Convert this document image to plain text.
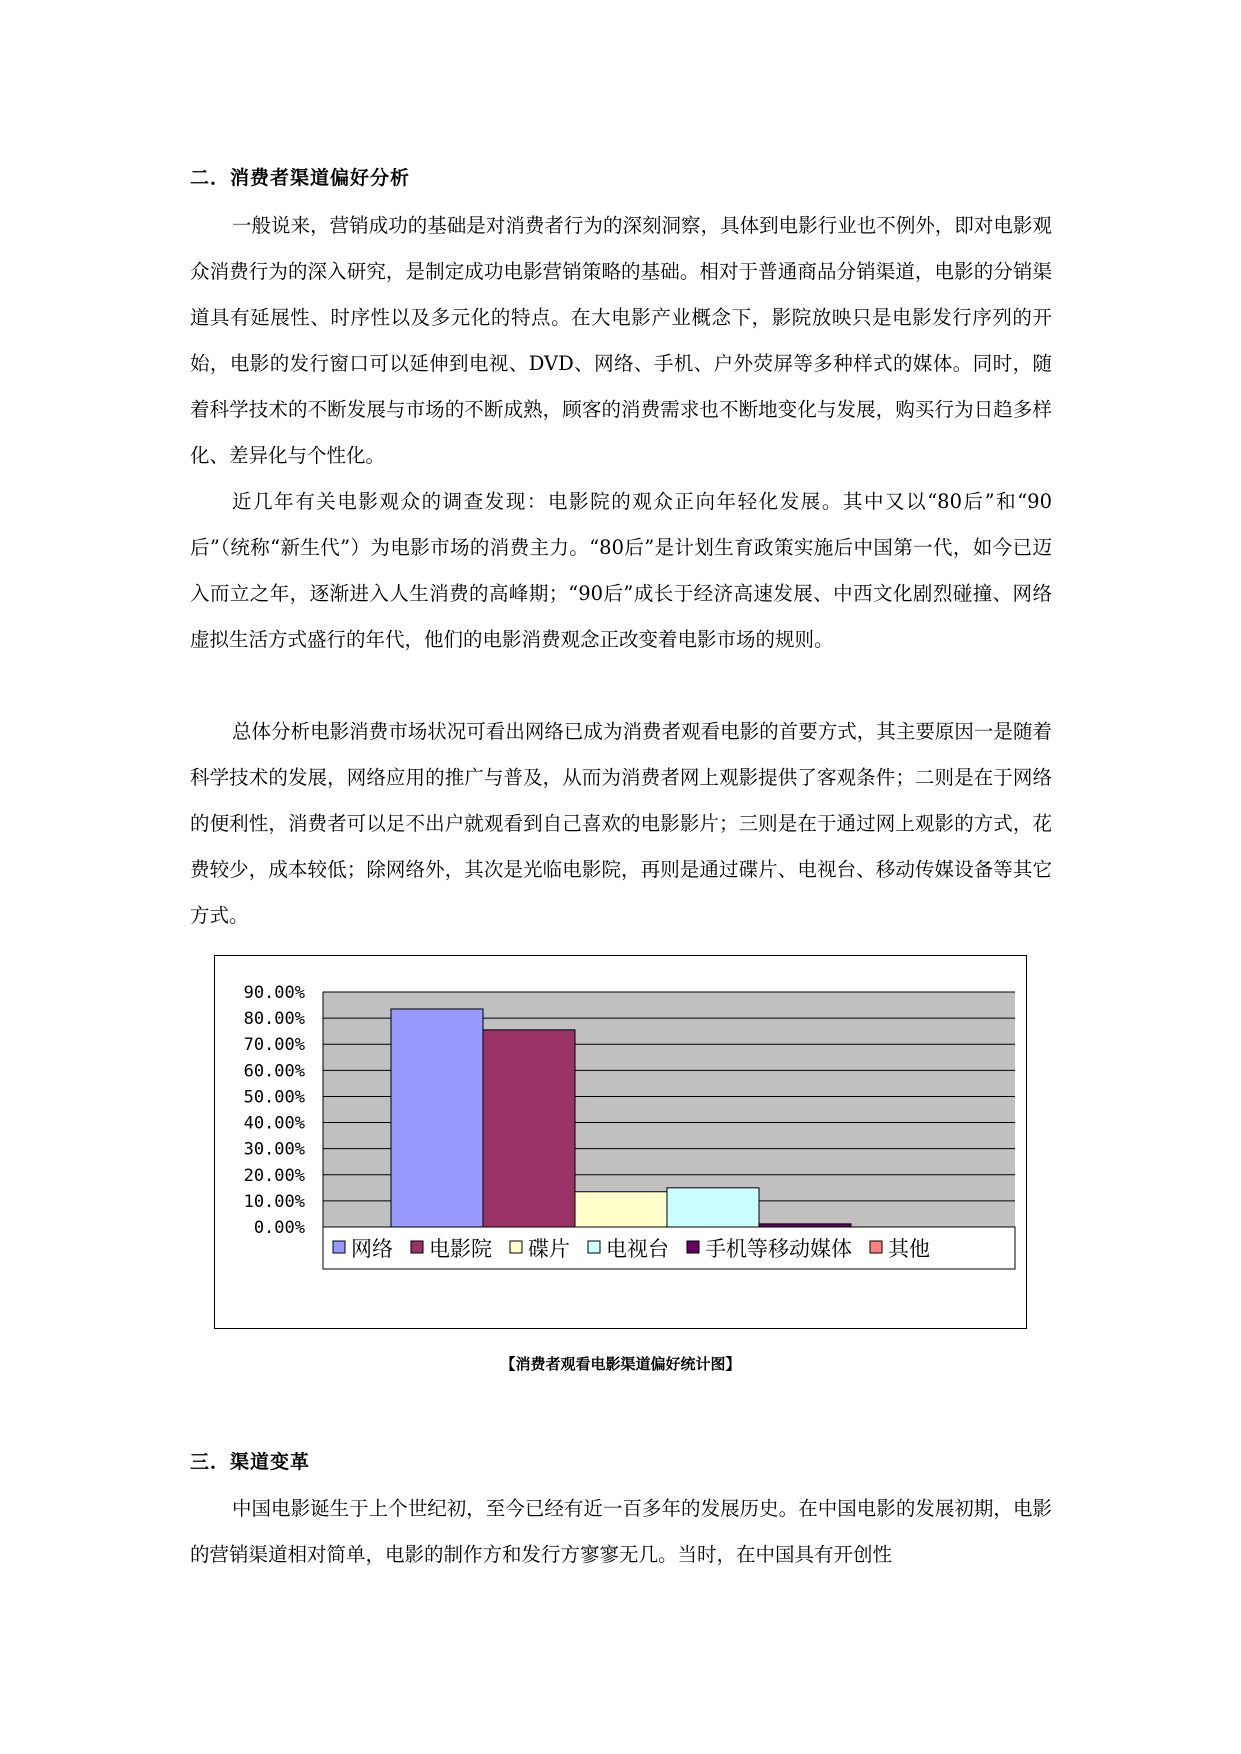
二．消费者渠道偏好分析

一般说来，营销成功的基础是对消费者行为的深刻洞察，具体到电影行业也不例外，即对电影观众消费行为的深入研究，是制定成功电影营销策略的基础。相对于普通商品分销渠道，电影的分销渠道具有延展性、时序性以及多元化的特点。在大电影产业概念下，影院放映只是电影发行序列的开始，电影的发行窗口可以延伸到电视、DVD、网络、手机、户外荧屏等多种样式的媒体。同时，随着科学技术的不断发展与市场的不断成熟，顾客的消费需求也不断地变化与发展，购买行为日趋多样化、差异化与个性化。

近几年有关电影观众的调查发现：电影院的观众正向年轻化发展。其中又以“80后”和“90后”（统称“新生代”）为电影市场的消费主力。“80后”是计划生育政策实施后中国第一代，如今已迈入而立之年，逐渐进入人生消费的高峰期；“90后”成长于经济高速发展、中西文化剧烈碰撞、网络虚拟生活方式盛行的年代，他们的电影消费观念正改变着电影市场的规则。

总体分析电影消费市场状况可看出网络已成为消费者观看电影的首要方式，其主要原因一是随着科学技术的发展，网络应用的推广与普及，从而为消费者网上观影提供了客观条件；二则是在于网络的便利性，消费者可以足不出户就观看到自己喜欢的电影影片；三则是在于通过网上观影的方式，花费较少，成本较低；除网络外，其次是光临电影院，再则是通过碟片、电视台、移动传媒设备等其它方式。

90.00%
80.00%
70.00%
60.00%
50.00%
40.00%
30.00%
20.00%
10.00%
0.00%
网络 电影院 碟片 电视台 手机等移动媒体 其他
【消费者观看电影渠道偏好统计图】
三．渠道变革

中国电影诞生于上个世纪初，至今已经有近一百多年的发展历史。在中国电影的发展初期，电影的营销渠道相对简单，电影的制作方和发行方寥寥无几。当时，在中国具有开创性
